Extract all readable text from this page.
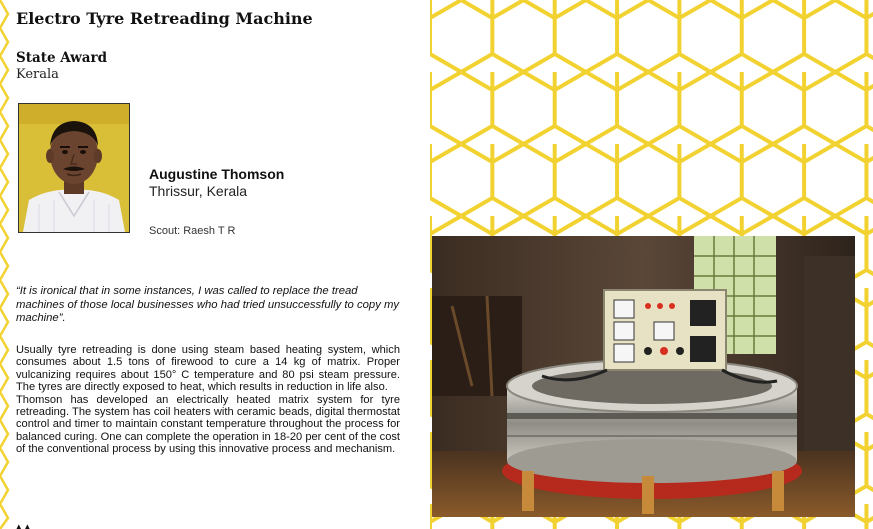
Electro Tyre Retreading Machine
State Award
Kerala
Augustine Thomson
Thrissur, Kerala
Scout: Raesh T R
“It is ironical that in some instances, I was called to replace the tread machines of those local businesses who had tried unsuccessfully to copy my machine”.

Usually tyre retreading is done using steam based heating system, which consumes about 1.5 tons of firewood to cure a 14 kg of matrix. Proper vulcanizing requires about 150° C temperature and 80 psi steam pressure. The tyres are directly exposed to heat, which results in reduction in life also.

Thomson has developed an electrically heated matrix system for tyre retreading. The system has coil heaters with ceramic beads, digital thermostat control and timer to maintain constant temperature throughout the process for balanced curing. One can complete the operation in 18-20 per cent of the cost of the conventional process by using this innovative process and mechanism.

▴ ▴
